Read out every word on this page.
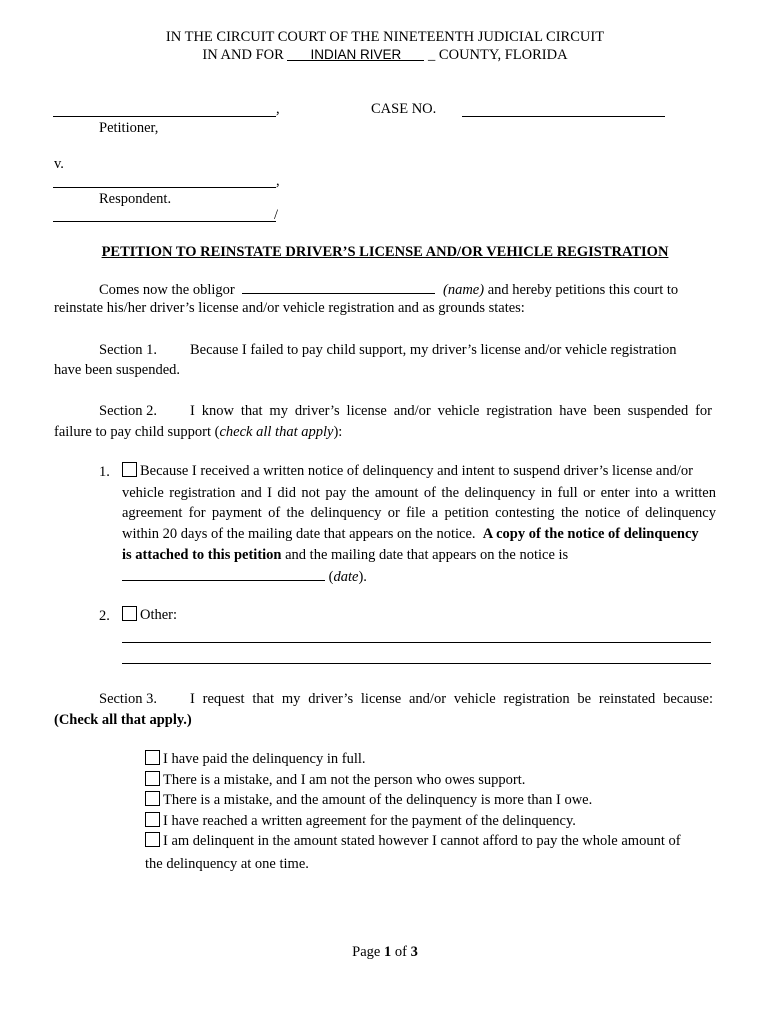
IN THE CIRCUIT COURT OF THE NINETEENTH JUDICIAL CIRCUIT
IN AND FOR INDIAN RIVER _ COUNTY, FLORIDA
,	CASE NO.
Petitioner,
v.
,
Respondent.
/
PETITION TO REINSTATE DRIVER’S LICENSE AND/OR VEHICLE REGISTRATION
Comes now the obligor	(name) and hereby petitions this court to
reinstate his/her driver’s license and/or vehicle registration and as grounds states:
Section 1. Because I failed to pay child support, my driver’s license and/or vehicle registration
have been suspended.
Section 2. I know that my driver’s license and/or vehicle registration have been suspended for
failure to pay child support (check all that apply):
1.	Because I received a written notice of delinquency and intent to suspend driver’s license and/or
vehicle registration and I did not pay the amount of the delinquency in full or enter into a written
agreement for payment of the delinquency or file a petition contesting the notice of delinquency
within 20 days of the mailing date that appears on the notice. A copy of the notice of delinquency
is attached to this petition and the mailing date that appears on the notice is
(date).
2.	Other:
Section 3. I request that my driver’s license and/or vehicle registration be reinstated because:
(Check all that apply.)
I have paid the delinquency in full.
There is a mistake, and I am not the person who owes support.
There is a mistake, and the amount of the delinquency is more than I owe.
I have reached a written agreement for the payment of the delinquency.
I am delinquent in the amount stated however I cannot afford to pay the whole amount of
the delinquency at one time.
Page 1 of 3
